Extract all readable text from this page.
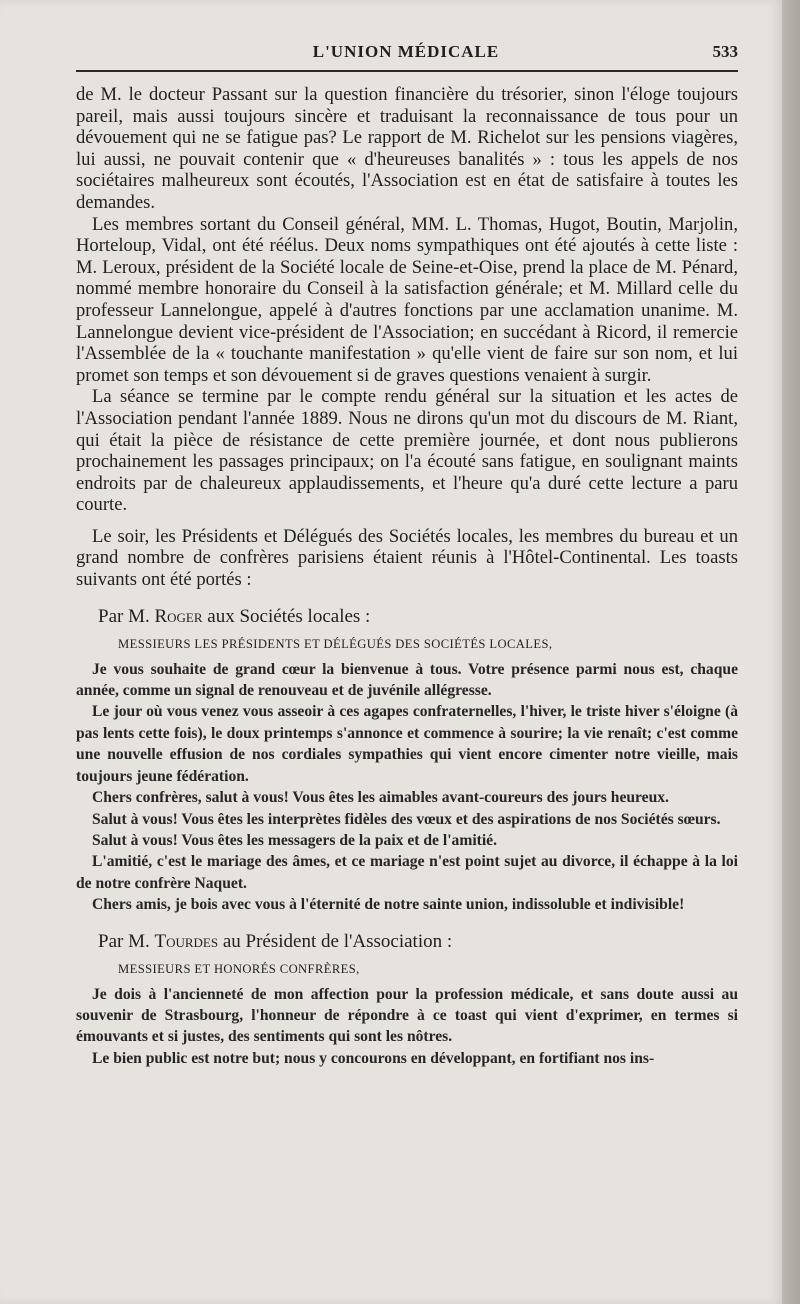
L'UNION MÉDICALE	533

de M. le docteur Passant sur la question financière du trésorier, sinon l'éloge toujours pareil, mais aussi toujours sincère et traduisant la reconnaissance de tous pour un dévouement qui ne se fatigue pas? Le rapport de M. Richelot sur les pensions viagères, lui aussi, ne pouvait contenir que « d'heureuses banalités » : tous les appels de nos sociétaires malheureux sont écoutés, l'Association est en état de satisfaire à toutes les demandes.

Les membres sortant du Conseil général, MM. L. Thomas, Hugot, Boutin, Marjolin, Horteloup, Vidal, ont été réélus. Deux noms sympathiques ont été ajoutés à cette liste : M. Leroux, président de la Société locale de Seine-et-Oise, prend la place de M. Pénard, nommé membre honoraire du Conseil à la satisfaction générale; et M. Millard celle du professeur Lannelongue, appelé à d'autres fonctions par une acclamation unanime. M. Lannelongue devient vice-président de l'Association; en succédant à Ricord, il remercie l'Assemblée de la « touchante manifestation » qu'elle vient de faire sur son nom, et lui promet son temps et son dévouement si de graves questions venaient à surgir.

La séance se termine par le compte rendu général sur la situation et les actes de l'Association pendant l'année 1889. Nous ne dirons qu'un mot du discours de M. Riant, qui était la pièce de résistance de cette première journée, et dont nous publierons prochainement les passages principaux; on l'a écouté sans fatigue, en soulignant maints endroits par de chaleureux applaudissements, et l'heure qu'a duré cette lecture a paru courte.

Le soir, les Présidents et Délégués des Sociétés locales, les membres du bureau et un grand nombre de confrères parisiens étaient réunis à l'Hôtel-Continental. Les toasts suivants ont été portés :

Par M. Roger aux Sociétés locales :
MESSIEURS LES PRÉSIDENTS ET DÉLÉGUÉS DES SOCIÉTÉS LOCALES,

Je vous souhaite de grand cœur la bienvenue à tous. Votre présence parmi nous est, chaque année, comme un signal de renouveau et de juvénile allégresse.

Le jour où vous venez vous asseoir à ces agapes confraternelles, l'hiver, le triste hiver s'éloigne (à pas lents cette fois), le doux printemps s'annonce et commence à sourire; la vie renaît; c'est comme une nouvelle effusion de nos cordiales sympathies qui vient encore cimenter notre vieille, mais toujours jeune fédération.

Chers confrères, salut à vous! Vous êtes les aimables avant-coureurs des jours heureux.

Salut à vous! Vous êtes les interprètes fidèles des vœux et des aspirations de nos Sociétés sœurs.

Salut à vous! Vous êtes les messagers de la paix et de l'amitié.

L'amitié, c'est le mariage des âmes, et ce mariage n'est point sujet au divorce, il échappe à la loi de notre confrère Naquet.

Chers amis, je bois avec vous à l'éternité de notre sainte union, indissoluble et indivisible!

Par M. Tourdes au Président de l'Association :
MESSIEURS ET HONORÉS CONFRÈRES,

Je dois à l'ancienneté de mon affection pour la profession médicale, et sans doute aussi au souvenir de Strasbourg, l'honneur de répondre à ce toast qui vient d'exprimer, en termes si émouvants et si justes, des sentiments qui sont les nôtres.

Le bien public est notre but; nous y concourons en développant, en fortifiant nos ins-
